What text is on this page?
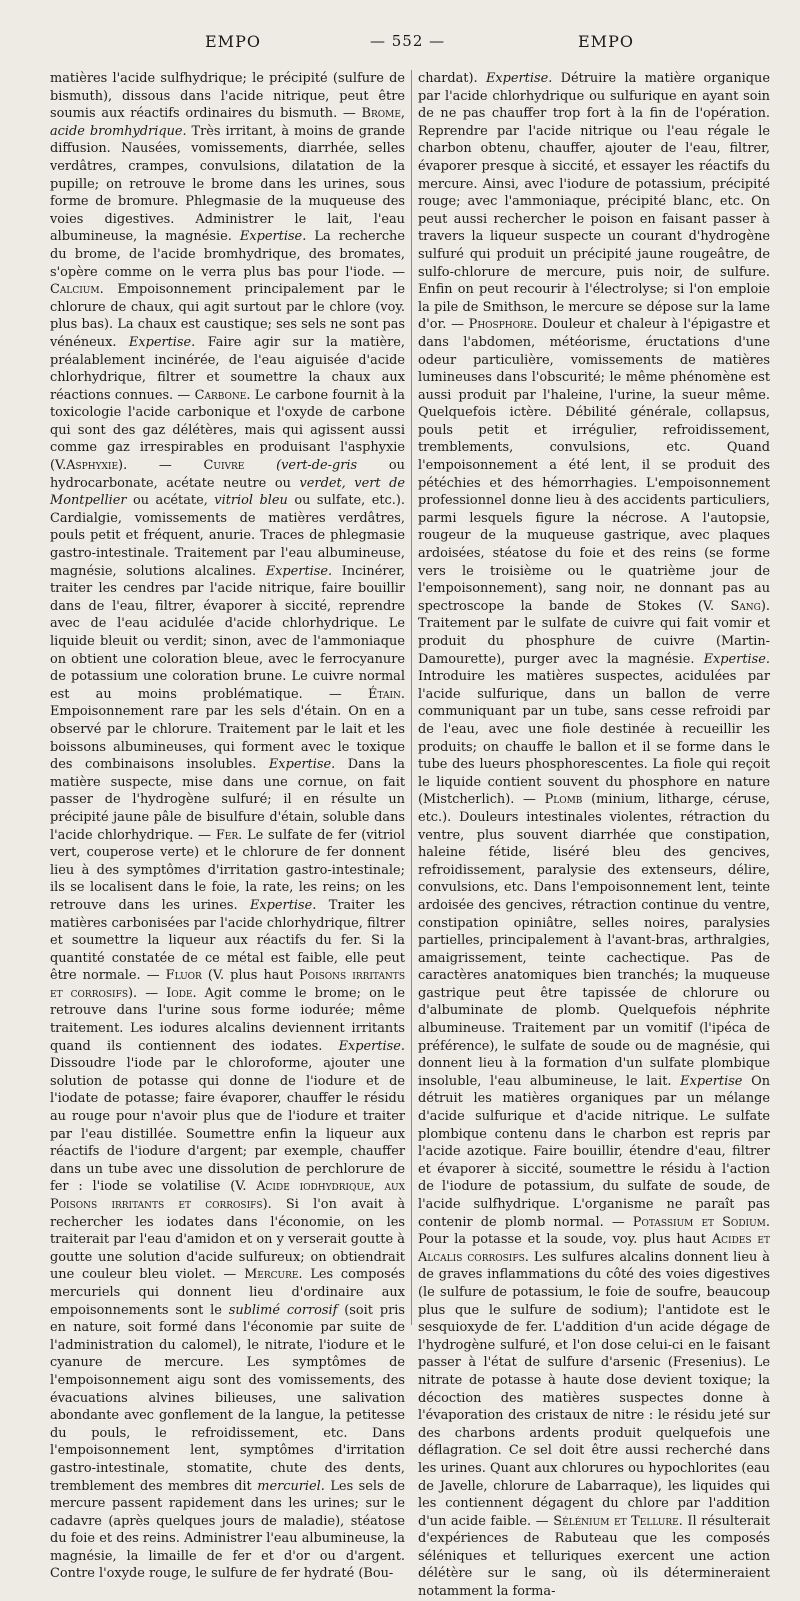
EMPO	— 552 —	EMPO
matières l'acide sulfhydrique; le précipité (sulfure de bismuth), dissous dans l'acide nitrique, peut être soumis aux réactifs ordinaires du bismuth. — Brome, acide bromhydrique. Très irritant, à moins de grande diffusion. Nausées, vomissements, diarrhée, selles verdâtres, crampes, convulsions, dilatation de la pupille; on retrouve le brome dans les urines, sous forme de bromure. Phlegmasie de la muqueuse des voies digestives. Administrer le lait, l'eau albumineuse, la magnésie. Expertise. La recherche du brome, de l'acide bromhydrique, des bromates, s'opère comme on le verra plus bas pour l'iode. — Calcium. Empoisonnement principalement par le chlorure de chaux, qui agit surtout par le chlore (voy. plus bas). La chaux est caustique; ses sels ne sont pas vénéneux. Expertise. Faire agir sur la matière, préalablement incinérée, de l'eau aiguisée d'acide chlorhydrique, filtrer et soumettre la chaux aux réactions connues. — Carbone. Le carbone fournit à la toxicologie l'acide carbonique et l'oxyde de carbone qui sont des gaz délétères, mais qui agissent aussi comme gaz irrespirables en produisant l'asphyxie (V.Asphyxie). — Cuivre (vert-de-gris ou hydrocarbonate, acétate neutre ou verdet, vert de Montpellier ou acétate, vitriol bleu ou sulfate, etc.). Cardialgie, vomissements de matières verdâtres, pouls petit et fréquent, anurie. Traces de phlegmasie gastro-intestinale. Traitement par l'eau albumineuse, magnésie, solutions alcalines. Expertise. Incinérer, traiter les cendres par l'acide nitrique, faire bouillir dans de l'eau, filtrer, évaporer à siccité, reprendre avec de l'eau acidulée d'acide chlorhydrique. Le liquide bleuit ou verdit; sinon, avec de l'ammoniaque on obtient une coloration bleue, avec le ferrocyanure de potassium une coloration brune. Le cuivre normal est au moins problématique. — Étain. Empoisonnement rare par les sels d'étain. On en a observé par le chlorure. Traitement par le lait et les boissons albumineuses, qui forment avec le toxique des combinaisons insolubles. Expertise. Dans la matière suspecte, mise dans une cornue, on fait passer de l'hydrogène sulfuré; il en résulte un précipité jaune pâle de bisulfure d'étain, soluble dans l'acide chlorhydrique. — Fer. Le sulfate de fer (vitriol vert, couperose verte) et le chlorure de fer donnent lieu à des symptômes d'irritation gastro-intestinale; ils se localisent dans le foie, la rate, les reins; on les retrouve dans les urines. Expertise. Traiter les matières carbonisées par l'acide chlorhydrique, filtrer et soumettre la liqueur aux réactifs du fer. Si la quantité constatée de ce métal est faible, elle peut être normale. — Fluor (V. plus haut Poisons irritants et corrosifs). — Iode. Agit comme le brome; on le retrouve dans l'urine sous forme iodurée; même traitement. Les iodures alcalins deviennent irritants quand ils contiennent des iodates. Expertise. Dissoudre l'iode par le chloroforme, ajouter une solution de potasse qui donne de l'iodure et de l'iodate de potasse; faire évaporer, chauffer le résidu au rouge pour n'avoir plus que de l'iodure et traiter par l'eau distillée. Soumettre enfin la liqueur aux réactifs de l'iodure d'argent; par exemple, chauffer dans un tube avec une dissolution de perchlorure de fer : l'iode se volatilise (V. Acide iodhydrique, aux Poisons irritants et corrosifs). Si l'on avait à rechercher les iodates dans l'économie, on les traiterait par l'eau d'amidon et on y verserait goutte à goutte une solution d'acide sulfureux; on obtiendrait une couleur bleu violet. — Mercure. Les composés mercuriels qui donnent lieu d'ordinaire aux empoisonnements sont le sublimé corrosif (soit pris en nature, soit formé dans l'économie par suite de l'administration du calomel), le nitrate, l'iodure et le cyanure de mercure. Les symptômes de l'empoisonnement aigu sont des vomissements, des évacuations alvines bilieuses, une salivation abondante avec gonflement de la langue, la petitesse du pouls, le refroidissement, etc. Dans l'empoisonnement lent, symptômes d'irritation gastro-intestinale, stomatite, chute des dents, tremblement des membres dit mercuriel. Les sels de mercure passent rapidement dans les urines; sur le cadavre (après quelques jours de maladie), stéatose du foie et des reins. Administrer l'eau albumineuse, la magnésie, la limaille de fer et d'or ou d'argent. Contre l'oxyde rouge, le sulfure de fer hydraté (Bou-
chardat). Expertise. Détruire la matière organique par l'acide chlorhydrique ou sulfurique en ayant soin de ne pas chauffer trop fort à la fin de l'opération. Reprendre par l'acide nitrique ou l'eau régale le charbon obtenu, chauffer, ajouter de l'eau, filtrer, évaporer presque à siccité, et essayer les réactifs du mercure. Ainsi, avec l'iodure de potassium, précipité rouge; avec l'ammoniaque, précipité blanc, etc. On peut aussi rechercher le poison en faisant passer à travers la liqueur suspecte un courant d'hydrogène sulfuré qui produit un précipité jaune rougeâtre, de sulfo-chlorure de mercure, puis noir, de sulfure. Enfin on peut recourir à l'électrolyse; si l'on emploie la pile de Smithson, le mercure se dépose sur la lame d'or. — Phosphore. Douleur et chaleur à l'épigastre et dans l'abdomen, météorisme, éructations d'une odeur particulière, vomissements de matières lumineuses dans l'obscurité; le même phénomène est aussi produit par l'haleine, l'urine, la sueur même. Quelquefois ictère. Débilité générale, collapsus, pouls petit et irrégulier, refroidissement, tremblements, convulsions, etc. Quand l'empoisonnement a été lent, il se produit des pétéchies et des hémorrhagies. L'empoisonnement professionnel donne lieu à des accidents particuliers, parmi lesquels figure la nécrose. A l'autopsie, rougeur de la muqueuse gastrique, avec plaques ardoisées, stéatose du foie et des reins (se forme vers le troisième ou le quatrième jour de l'empoisonnement), sang noir, ne donnant pas au spectroscope la bande de Stokes (V. Sang). Traitement par le sulfate de cuivre qui fait vomir et produit du phosphure de cuivre (Martin-Damourette), purger avec la magnésie. Expertise. Introduire les matières suspectes, acidulées par l'acide sulfurique, dans un ballon de verre communiquant par un tube, sans cesse refroidi par de l'eau, avec une fiole destinée à recueillir les produits; on chauffe le ballon et il se forme dans le tube des lueurs phosphorescentes. La fiole qui reçoit le liquide contient souvent du phosphore en nature (Mistcherlich). — Plomb (minium, litharge, céruse, etc.). Douleurs intestinales violentes, rétraction du ventre, plus souvent diarrhée que constipation, haleine fétide, liséré bleu des gencives, refroidissement, paralysie des extenseurs, délire, convulsions, etc. Dans l'empoisonnement lent, teinte ardoisée des gencives, rétraction continue du ventre, constipation opiniâtre, selles noires, paralysies partielles, principalement à l'avant-bras, arthralgies, amaigrissement, teinte cachectique. Pas de caractères anatomiques bien tranchés; la muqueuse gastrique peut être tapissée de chlorure ou d'albuminate de plomb. Quelquefois néphrite albumineuse. Traitement par un vomitif (l'ipéca de préférence), le sulfate de soude ou de magnésie, qui donnent lieu à la formation d'un sulfate plombique insoluble, l'eau albumineuse, le lait. Expertise On détruit les matières organiques par un mélange d'acide sulfurique et d'acide nitrique. Le sulfate plombique contenu dans le charbon est repris par l'acide azotique. Faire bouillir, étendre d'eau, filtrer et évaporer à siccité, soumettre le résidu à l'action de l'iodure de potassium, du sulfate de soude, de l'acide sulfhydrique. L'organisme ne paraît pas contenir de plomb normal. — Potassium et Sodium. Pour la potasse et la soude, voy. plus haut Acides et Alcalis corrosifs. Les sulfures alcalins donnent lieu à de graves inflammations du côté des voies digestives (le sulfure de potassium, le foie de soufre, beaucoup plus que le sulfure de sodium); l'antidote est le sesquioxyde de fer. L'addition d'un acide dégage de l'hydrogène sulfuré, et l'on dose celui-ci en le faisant passer à l'état de sulfure d'arsenic (Fresenius). Le nitrate de potasse à haute dose devient toxique; la décoction des matières suspectes donne à l'évaporation des cristaux de nitre : le résidu jeté sur des charbons ardents produit quelquefois une déflagration. Ce sel doit être aussi recherché dans les urines. Quant aux chlorures ou hypochlorites (eau de Javelle, chlorure de Labarraque), les liquides qui les contiennent dégagent du chlore par l'addition d'un acide faible. — Sélénium et Tellure. Il résulterait d'expériences de Rabuteau que les composés séléniques et telluriques exercent une action délétère sur le sang, où ils détermineraient notamment la forma-
